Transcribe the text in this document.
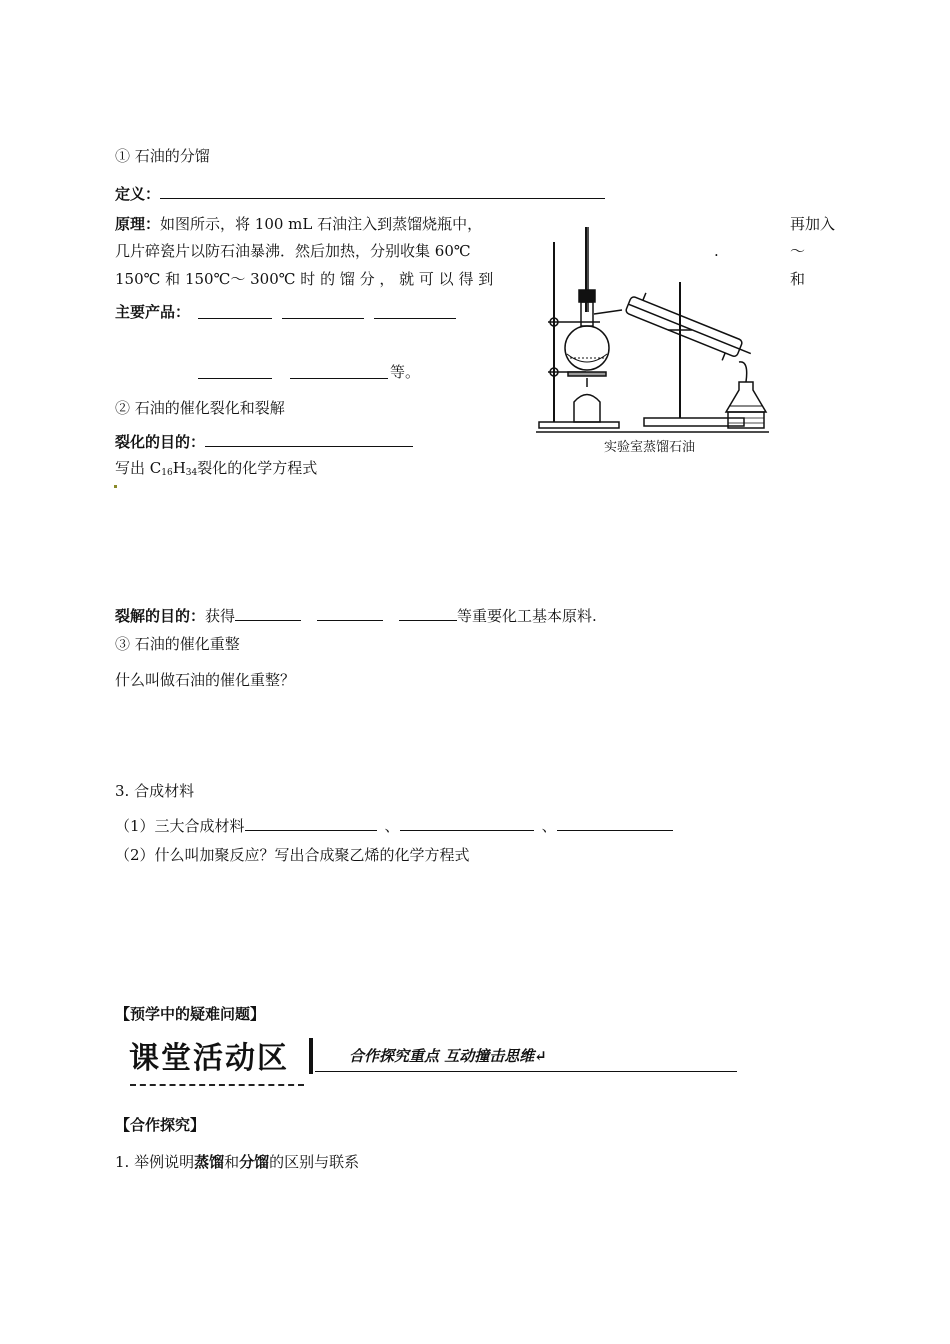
① 石油的分馏
定义：
原理：如图所示，将 100 mL 石油注入到蒸馏烧瓶中，	再加入
几片碎瓷片以防石油暴沸．然后加热，分别收集 60℃	.	～
150℃ 和 150℃～ 300℃ 时 的 馏 分 ， 就 可 以 得 到	和
主要产品：
等。
② 石油的催化裂化和裂解
裂化的目的：
写出 $C_{16}H_{34}$裂化的化学方程式
裂解的目的：获得	等重要化工基本原料.
③ 石油的催化重整
什么叫做石油的催化重整？
3. 合成材料
（1）三大合成材料	、	、
（2）什么叫加聚反应？写出合成聚乙烯的化学方程式
【预学中的疑难问题】
课堂活动区	合作探究重点 互动撞击思维↵
【合作探究】
1. 举例说明蒸馏和分馏的区别与联系
实验室蒸馏石油
